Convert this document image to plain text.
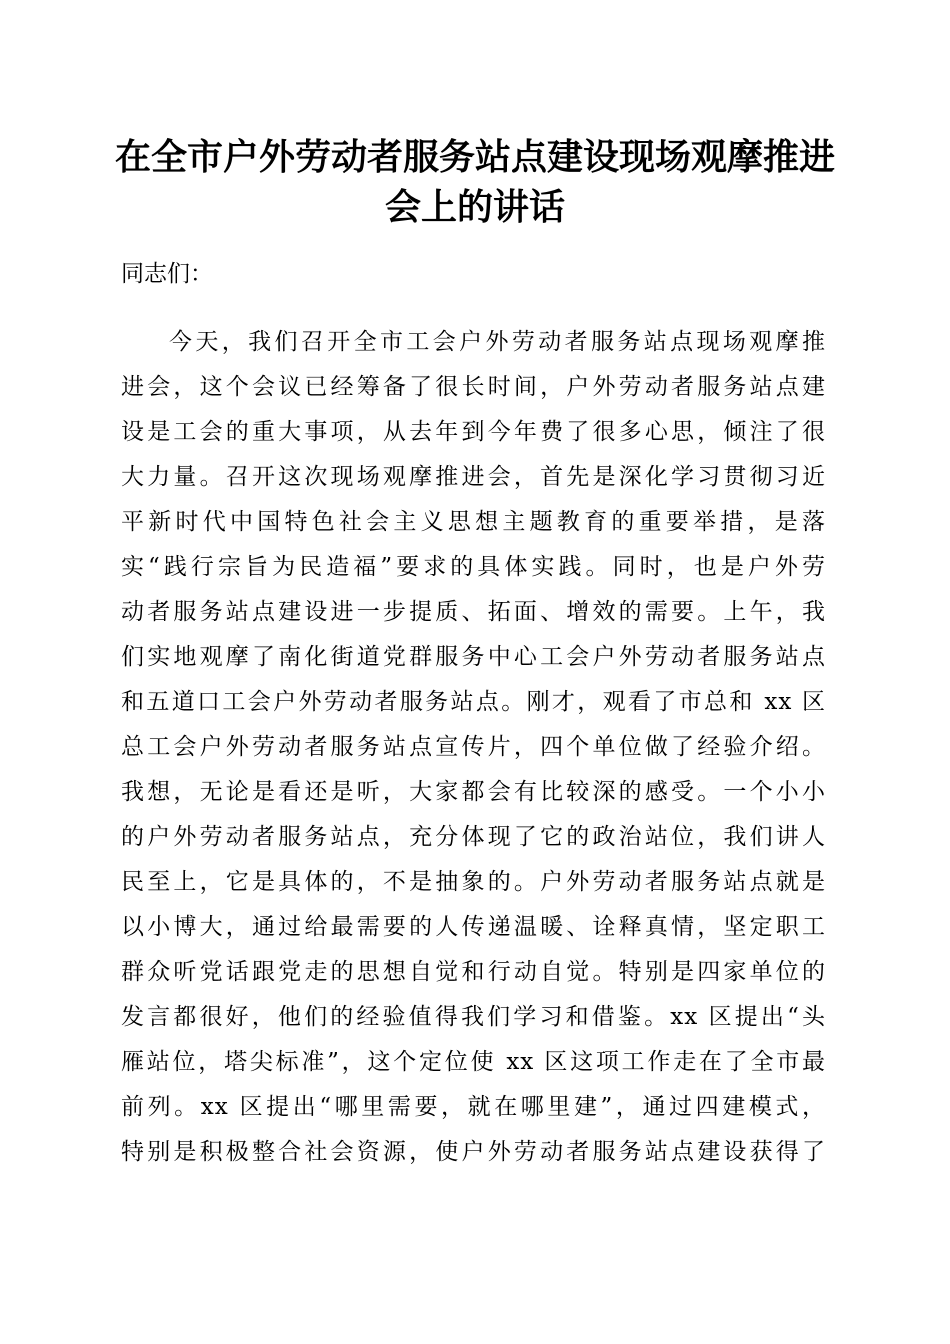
在全市户外劳动者服务站点建设现场观摩推进
会上的讲话

同志们：

今天，我们召开全市工会户外劳动者服务站点现场观摩推
进会，这个会议已经筹备了很长时间，户外劳动者服务站点建
设是工会的重大事项，从去年到今年费了很多心思，倾注了很
大力量。召开这次现场观摩推进会，首先是深化学习贯彻习近
平新时代中国特色社会主义思想主题教育的重要举措，是落
实“践行宗旨为民造福”要求的具体实践。同时，也是户外劳
动者服务站点建设进一步提质、拓面、增效的需要。上午，我
们实地观摩了南化街道党群服务中心工会户外劳动者服务站点
和五道口工会户外劳动者服务站点。刚才，观看了市总和 xx 区
总工会户外劳动者服务站点宣传片，四个单位做了经验介绍。
我想，无论是看还是听，大家都会有比较深的感受。一个小小
的户外劳动者服务站点，充分体现了它的政治站位，我们讲人
民至上，它是具体的，不是抽象的。户外劳动者服务站点就是
以小博大，通过给最需要的人传递温暖、诠释真情，坚定职工
群众听党话跟党走的思想自觉和行动自觉。特别是四家单位的
发言都很好，他们的经验值得我们学习和借鉴。xx 区提出“头
雁站位，塔尖标准”，这个定位使 xx 区这项工作走在了全市最
前列。xx 区提出“哪里需要，就在哪里建”，通过四建模式，
特别是积极整合社会资源，使户外劳动者服务站点建设获得了
